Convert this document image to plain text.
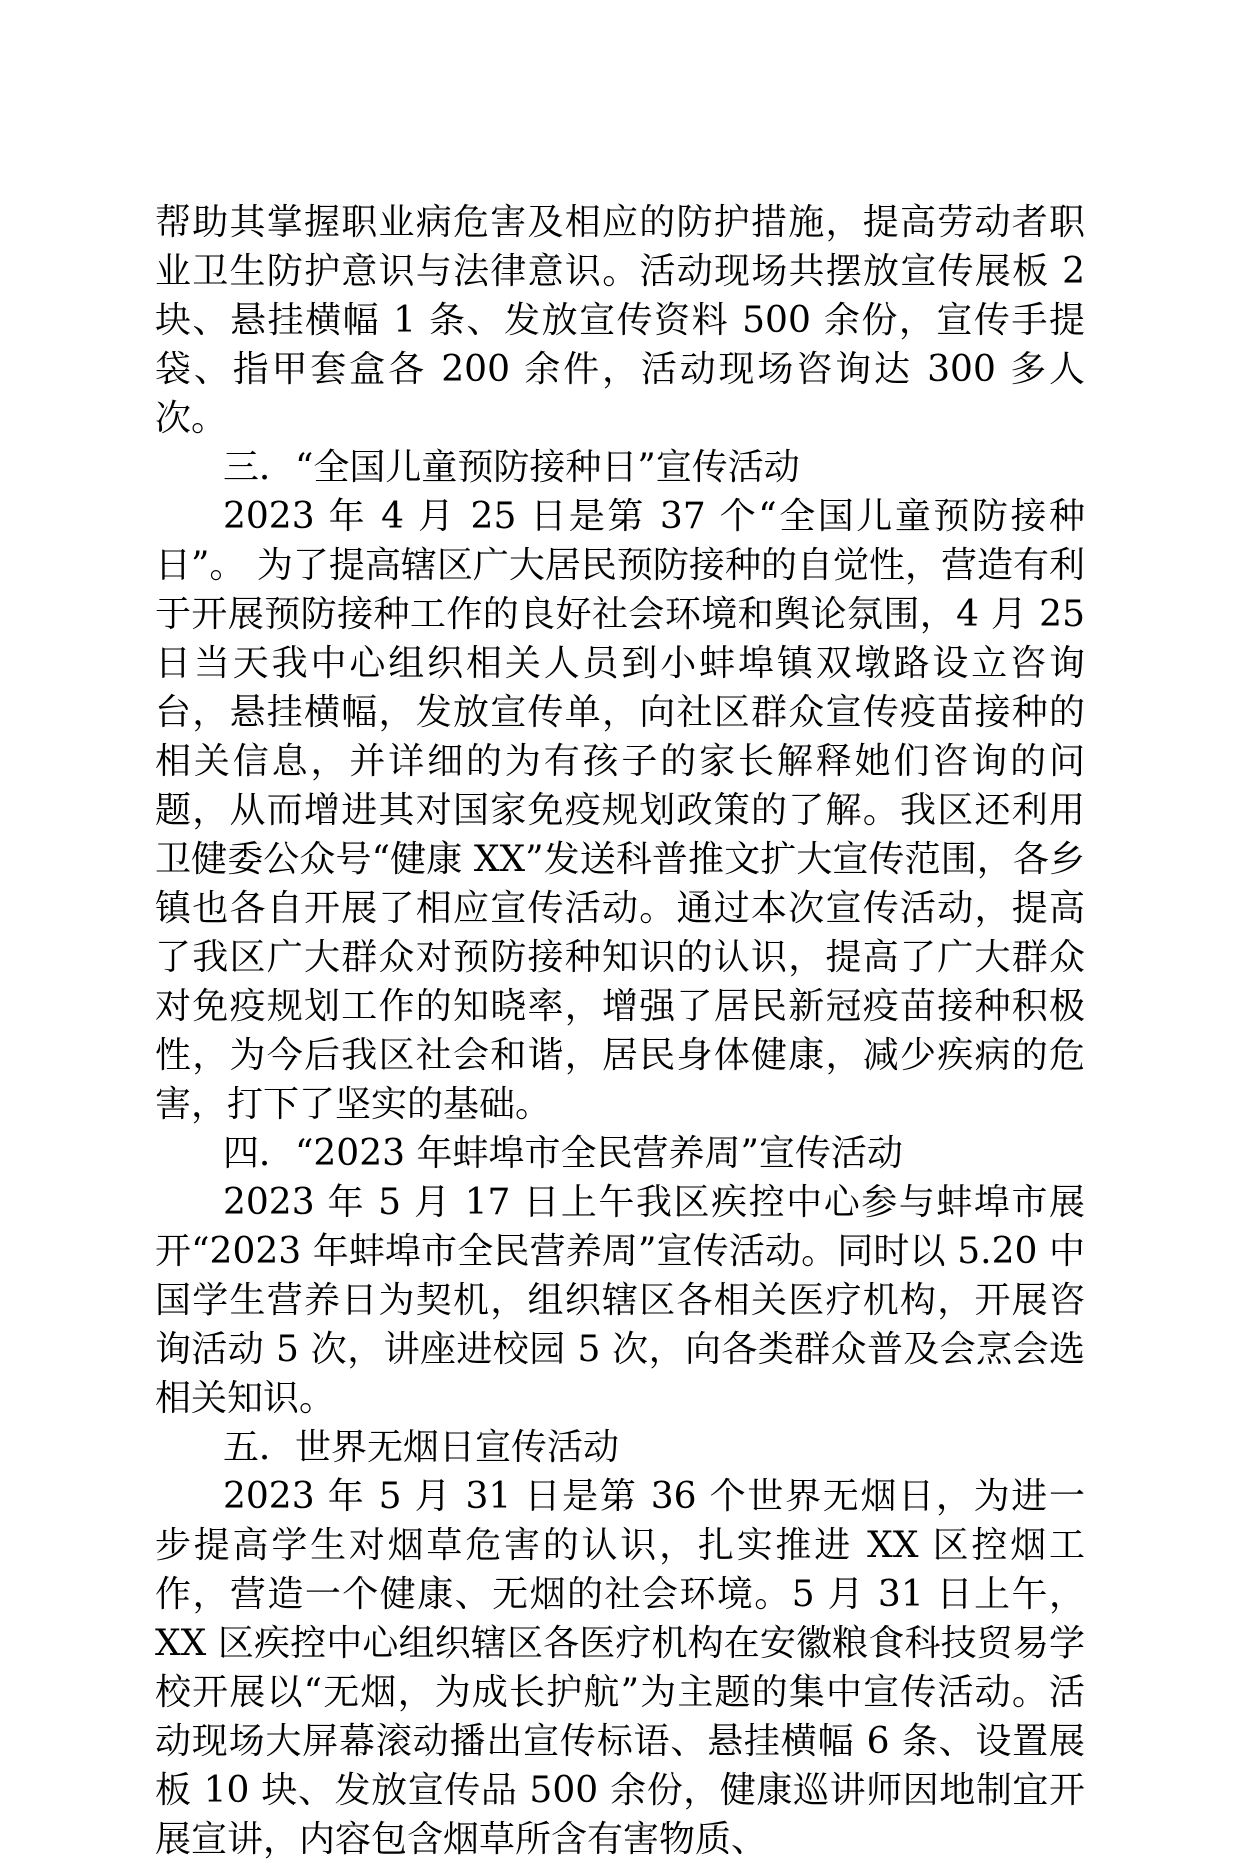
帮助其掌握职业病危害及相应的防护措施，提高劳动者职业卫生防护意识与法律意识。活动现场共摆放宣传展板 2 块、悬挂横幅 1 条、发放宣传资料 500 余份，宣传手提袋、指甲套盒各 200 余件，活动现场咨询达 300 多人次。

三．“全国儿童预防接种日”宣传活动

2023 年 4 月 25 日是第 37 个“全国儿童预防接种日”。 为了提高辖区广大居民预防接种的自觉性，营造有利于开展预防接种工作的良好社会环境和舆论氛围，4 月 25 日当天我中心组织相关人员到小蚌埠镇双墩路设立咨询台，悬挂横幅，发放宣传单，向社区群众宣传疫苗接种的相关信息，并详细的为有孩子的家长解释她们咨询的问题，从而增进其对国家免疫规划政策的了解。我区还利用卫健委公众号“健康 XX”发送科普推文扩大宣传范围，各乡镇也各自开展了相应宣传活动。通过本次宣传活动，提高了我区广大群众对预防接种知识的认识，提高了广大群众对免疫规划工作的知晓率，增强了居民新冠疫苗接种积极性，为今后我区社会和谐，居民身体健康，减少疾病的危害，打下了坚实的基础。

四．“2023 年蚌埠市全民营养周”宣传活动

2023 年 5 月 17 日上午我区疾控中心参与蚌埠市展开“2023 年蚌埠市全民营养周”宣传活动。同时以 5.20 中国学生营养日为契机，组织辖区各相关医疗机构，开展咨询活动 5 次，讲座进校园 5 次，向各类群众普及会烹会选相关知识。

五．世界无烟日宣传活动

2023 年 5 月 31 日是第 36 个世界无烟日，为进一步提高学生对烟草危害的认识，扎实推进 XX 区控烟工作，营造一个健康、无烟的社会环境。5 月 31 日上午，XX 区疾控中心组织辖区各医疗机构在安徽粮食科技贸易学校开展以“无烟，为成长护航”为主题的集中宣传活动。活动现场大屏幕滚动播出宣传标语、悬挂横幅 6 条、设置展板 10 块、发放宣传品 500 余份，健康巡讲师因地制宜开展宣讲，内容包含烟草所含有害物质、
